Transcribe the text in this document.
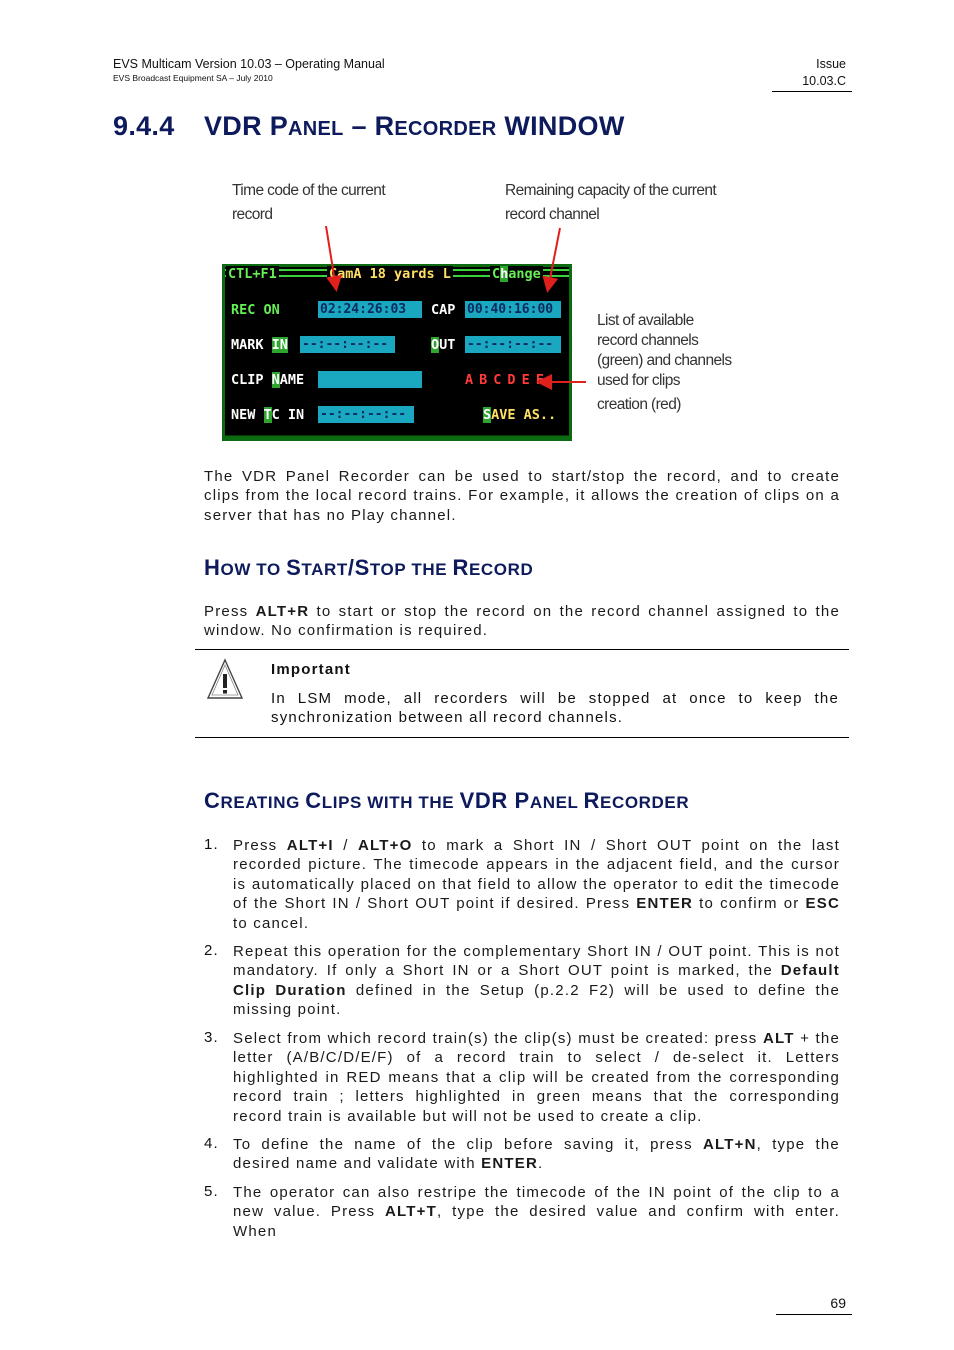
EVS Multicam Version 10.03 – Operating Manual
EVS Broadcast Equipment SA – July 2010
Issue
10.03.C
9.4.4 VDR PANEL – RECORDER WINDOW
Time code of the current
record
Remaining capacity of the current
record channel
List of available
record channels
(green) and channels
used for clips
creation (red)
CTL+F1	CamA 18 yards L	Change
REC ON	02:24:26:03	CAP 00:40:16:00
MARK IN --:--:--:--	OUT --:--:--:--
CLIP NAME	ABCDEF
NEW TC IN --:--:--:--	SAVE AS..
The VDR Panel Recorder can be used to start/stop the record, and to create clips from the local record trains. For example, it allows the creation of clips on a server that has no Play channel.
HOW TO START/STOP THE RECORD
Press ALT+R to start or stop the record on the record channel assigned to the window. No confirmation is required.
Important
In LSM mode, all recorders will be stopped at once to keep the synchronization between all record channels.
CREATING CLIPS WITH THE VDR PANEL RECORDER
1. Press ALT+I / ALT+O to mark a Short IN / Short OUT point on the last recorded picture. The timecode appears in the adjacent field, and the cursor is automatically placed on that field to allow the operator to edit the timecode of the Short IN / Short OUT point if desired. Press ENTER to confirm or ESC to cancel.
2. Repeat this operation for the complementary Short IN / OUT point. This is not mandatory. If only a Short IN or a Short OUT point is marked, the Default Clip Duration defined in the Setup (p.2.2 F2) will be used to define the missing point.
3. Select from which record train(s) the clip(s) must be created: press ALT + the letter (A/B/C/D/E/F) of a record train to select / de-select it. Letters highlighted in RED means that a clip will be created from the corresponding record train ; letters highlighted in green means that the corresponding record train is available but will not be used to create a clip.
4. To define the name of the clip before saving it, press ALT+N, type the desired name and validate with ENTER.
5. The operator can also restripe the timecode of the IN point of the clip to a new value. Press ALT+T, type the desired value and confirm with enter. When
69
